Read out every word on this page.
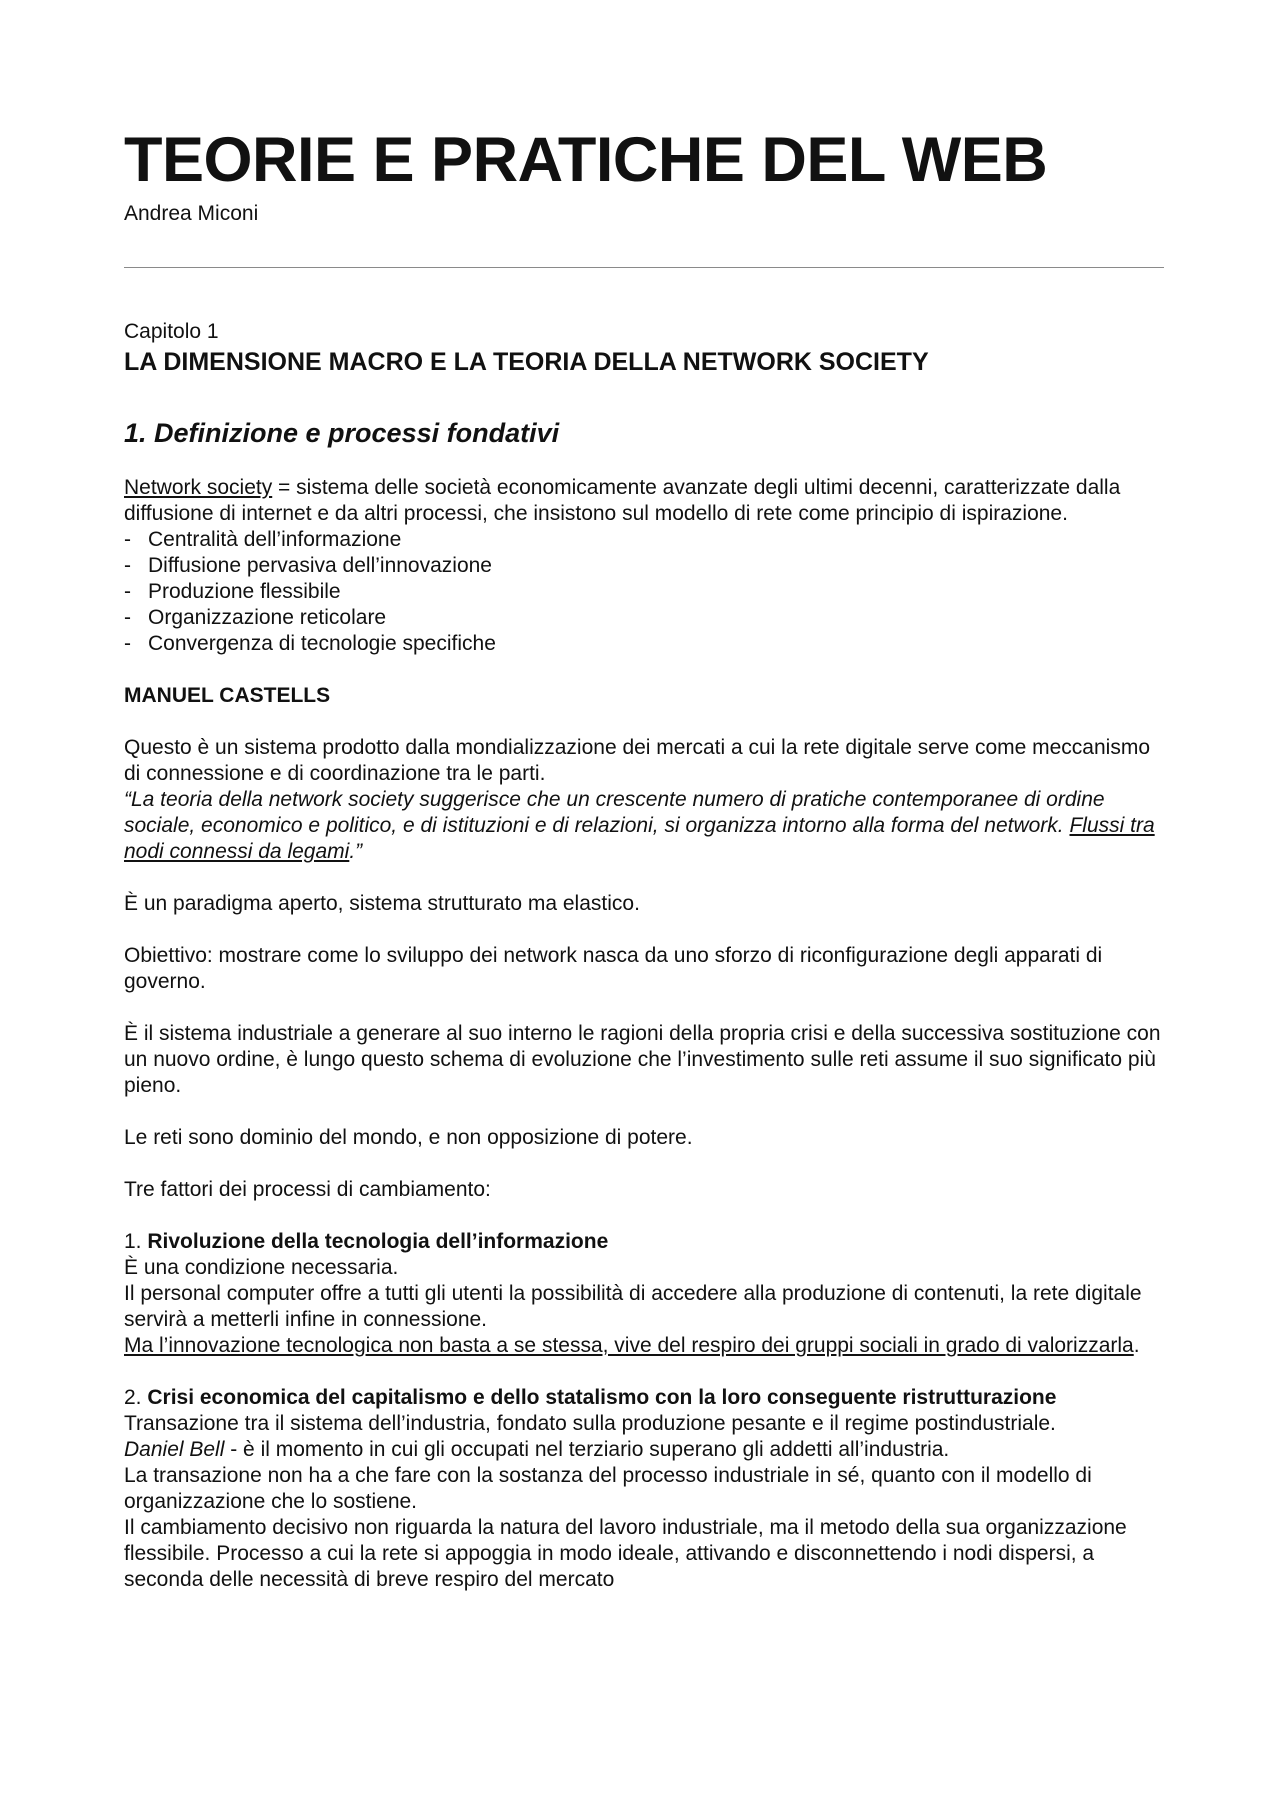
TEORIE E PRATICHE DEL WEB
Andrea Miconi
Capitolo 1
LA DIMENSIONE MACRO E LA TEORIA DELLA NETWORK SOCIETY
1. Definizione e processi fondativi

Network society = sistema delle società economicamente avanzate degli ultimi decenni, caratterizzate dalla diffusione di internet e da altri processi, che insistono sul modello di rete come principio di ispirazione.

- Centralità dell’informazione
- Diffusione pervasiva dell’innovazione
- Produzione flessibile
- Organizzazione reticolare
- Convergenza di tecnologie specifiche

MANUEL CASTELLS

Questo è un sistema prodotto dalla mondializzazione dei mercati a cui la rete digitale serve come meccanismo di connessione e di coordinazione tra le parti.

“La teoria della network society suggerisce che un crescente numero di pratiche contemporanee di ordine sociale, economico e politico, e di istituzioni e di relazioni, si organizza intorno alla forma del network. Flussi tra nodi connessi da legami.”

È un paradigma aperto, sistema strutturato ma elastico.

Obiettivo: mostrare come lo sviluppo dei network nasca da uno sforzo di riconfigurazione degli apparati di governo.

È il sistema industriale a generare al suo interno le ragioni della propria crisi e della successiva sostituzione con un nuovo ordine, è lungo questo schema di evoluzione che l’investimento sulle reti assume il suo significato più pieno.

Le reti sono dominio del mondo, e non opposizione di potere.

Tre fattori dei processi di cambiamento:

1. Rivoluzione della tecnologia dell’informazione

È una condizione necessaria.

Il personal computer offre a tutti gli utenti la possibilità di accedere alla produzione di contenuti, la rete digitale servirà a metterli infine in connessione.

Ma l’innovazione tecnologica non basta a se stessa, vive del respiro dei gruppi sociali in grado di valorizzarla.

2. Crisi economica del capitalismo e dello statalismo con la loro conseguente ristrutturazione

Transazione tra il sistema dell’industria, fondato sulla produzione pesante e il regime postindustriale.

Daniel Bell - è il momento in cui gli occupati nel terziario superano gli addetti all’industria.

La transazione non ha a che fare con la sostanza del processo industriale in sé, quanto con il modello di organizzazione che lo sostiene.

Il cambiamento decisivo non riguarda la natura del lavoro industriale, ma il metodo della sua organizzazione flessibile. Processo a cui la rete si appoggia in modo ideale, attivando e disconnettendo i nodi dispersi, a seconda delle necessità di breve respiro del mercato
